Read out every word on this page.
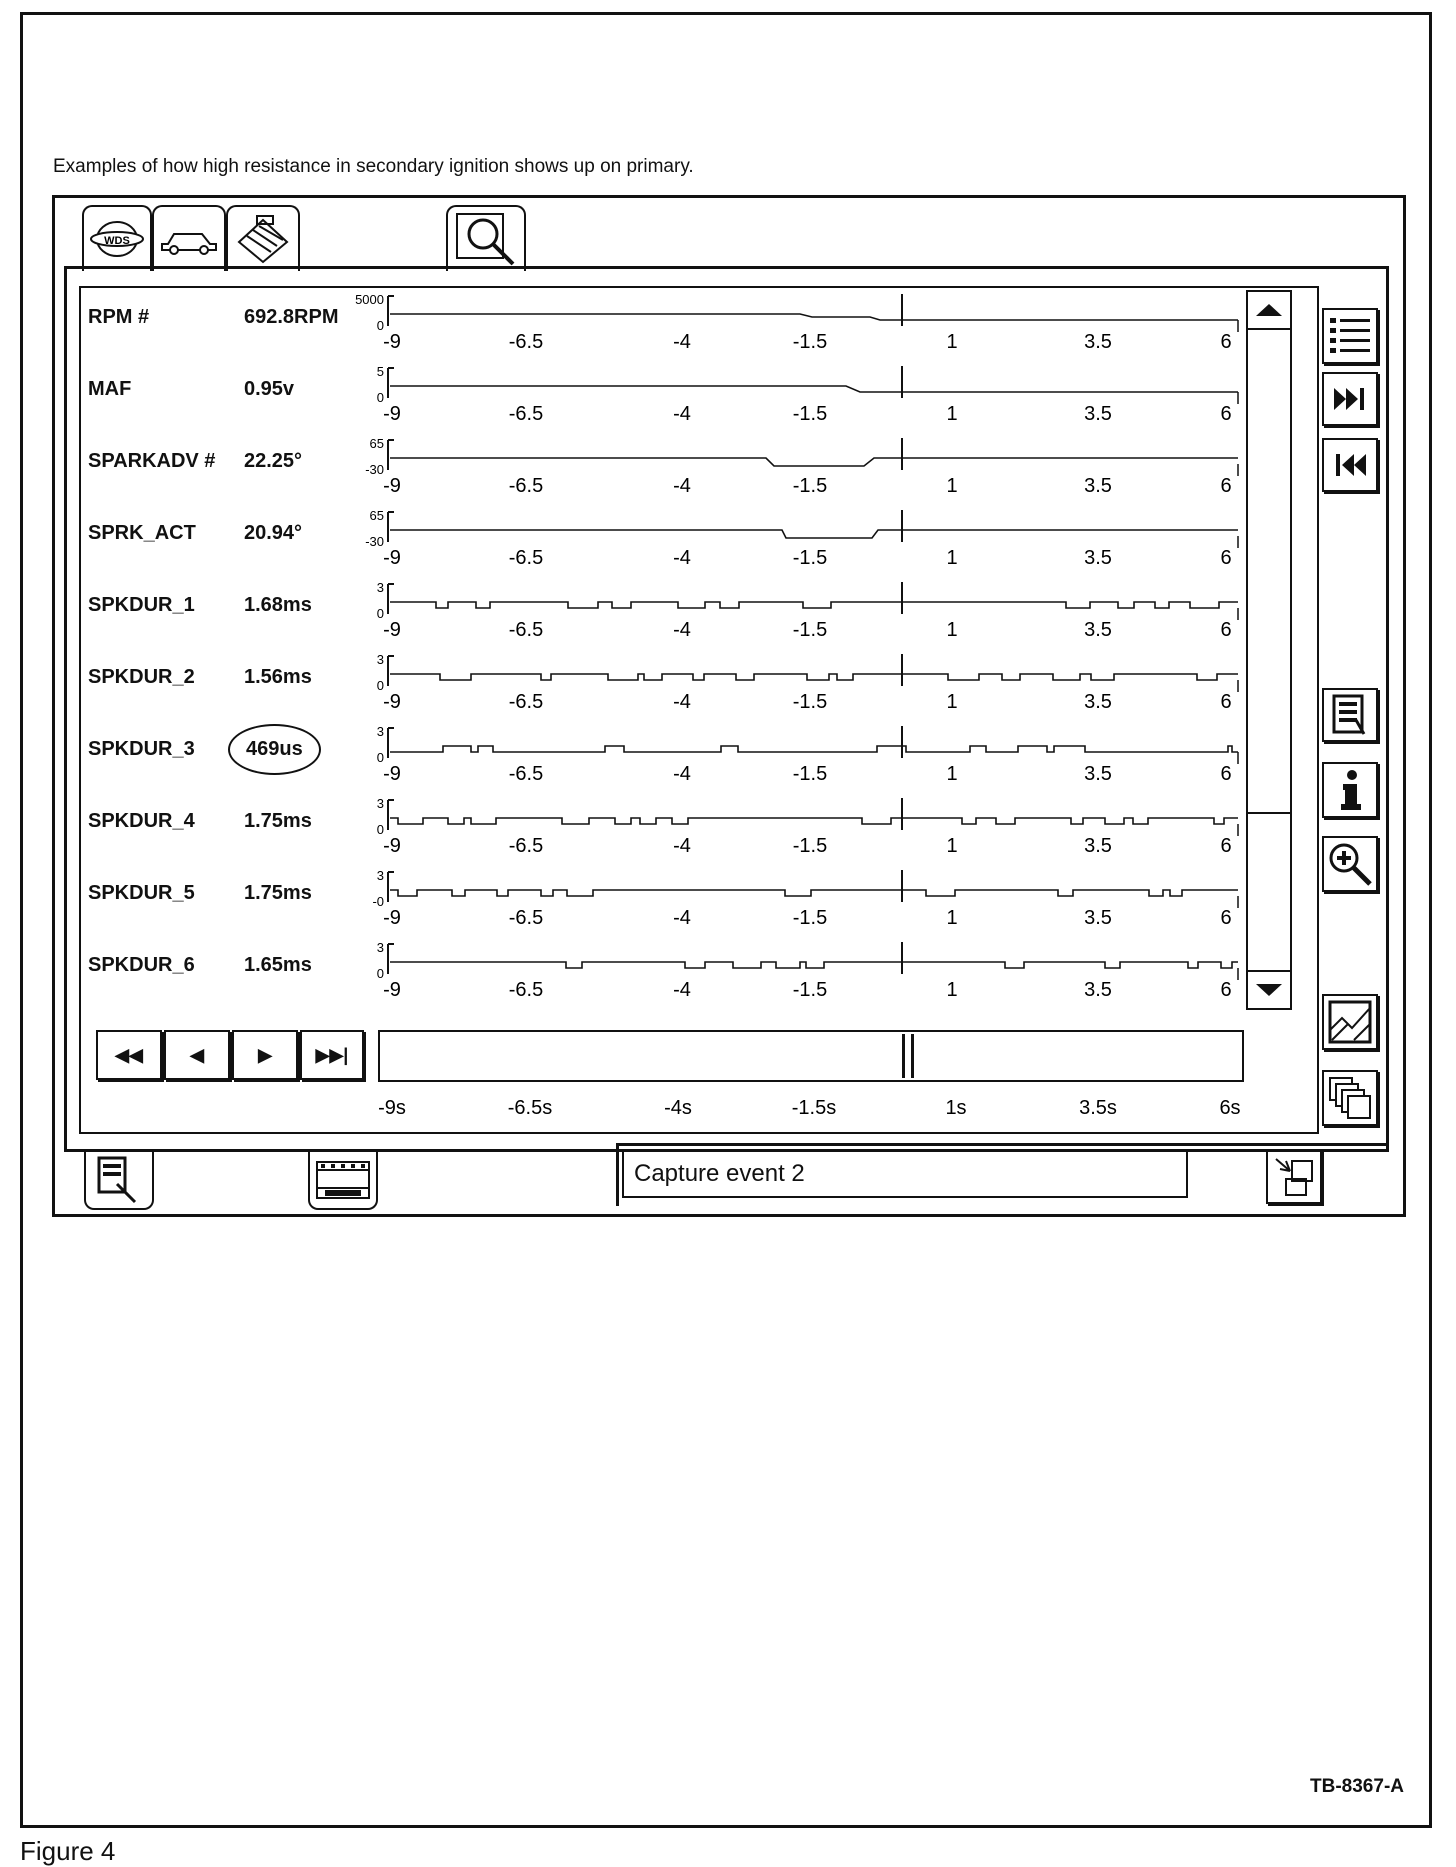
Examples of how high resistance in secondary ignition shows up on primary.
WDS
RPM #	692.8RPM
MAF	0.95v
SPARKADV # 22.25°
SPRK_ACT 20.94°
SPKDUR_1 1.68ms
SPKDUR_2 1.56ms
SPKDUR_3	469us
SPKDUR_4 1.75ms
SPKDUR_5 1.75ms
SPKDUR_6 1.65ms
5000
0
-9	-6.5	-4	-1.5	1	3.5	6
5
0
-9	-6.5	-4	-1.5	1	3.5	6
65
-30
-9	-6.5	-4	-1.5	1	3.5	6
65
-30
-9	-6.5	-4	-1.5	1	3.5	6
3
0
-9	-6.5	-4	-1.5	1	3.5	6
3
0
-9	-6.5	-4	-1.5	1	3.5	6
3
0
-9	-6.5	-4	-1.5	1	3.5	6
3
0
-9	-6.5	-4	-1.5	1	3.5	6
3
-0
-9	-6.5	-4	-1.5	1	3.5	6
3
0
-9	-6.5	-4	-1.5	1	3.5	6
-9s	-6.5s	-4s	-1.5s	1s	3.5s	6s
◀◀	◀	▶	▶▶|
Capture event 2
TB-8367-A
Figure 4
